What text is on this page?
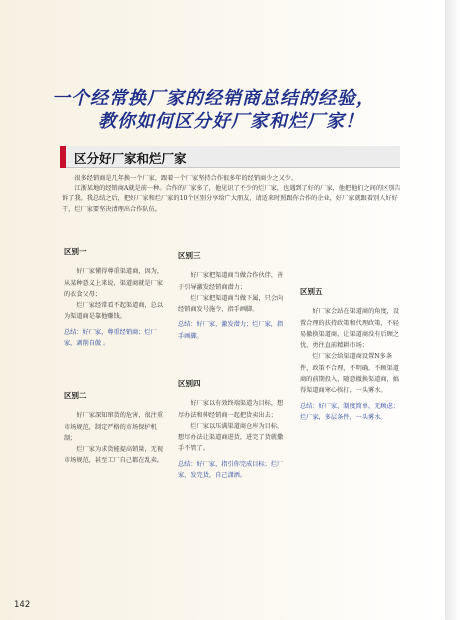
一个经常换厂家的经销商总结的经验，
教你如何区分好厂家和烂厂家！
区分好厂家和烂厂家

很多经销商是几年换一个厂家，跟着一个厂家坚持合作很多年的经销商少之又少。

江浙某地的经销商A就是前一种。合作的厂家多了，他见识了不少的烂厂家，也遇到了好的厂家，他把他们之间的区别告诉了我。我总结之后，把好厂家和烂厂家的10个区别分享给广大朋友，请适来时照跟你合作的企业，好厂家就跟着别人好好干，烂厂家要坚决清理出合作队伍。

区别一

好厂家懂得尊重渠道商，因为，从某种意义上来说，渠道商就是厂家的衣食父母；

烂厂家经常看不起渠道商，总以为渠道商是靠他赚钱。

总结：好厂家，尊重经销商；烂厂家，剥削自傲 。

区别二

好厂家深知窜货的危害，很注重市场规范，制定严格的市场保护机制；

烂厂家为求货能提高销量，无视市场规范，甚至工厂自己都在乱卖。

区别三

好厂家把渠道商当做合作伙伴，善于引导激发经销商潜力；

烂厂家把渠道商当做下属，只会向经销商发号施令，指手画脚。

总结：好厂家，激发潜力；烂厂家，指手画脚。

区别四

好厂家以有效终端渠道为目标，想尽办法和伸经销商一起把货卖出去；

烂厂家以压满渠道商仓库为目标，想尽办法让渠道商进货，进完了货就撒手不管了。

总结：好厂家，指引你完成目标；烂厂家，发完货，自己潇洒。

区别五

好厂家会站在渠道商的角度，设置合理的扶持政策和代理政策，不轻易撤换渠道商，让渠道商没有后顾之忧，勇往直前精耕市场；

烂厂家会给渠道商设置N多条件，政策不合理、不明确，不顾渠道商的前期投入，随意撤换渠道商，搞得渠道商寒心挨打，一头雾水。

总结：好厂家，制度简单，无顾虑；烂厂家，多层条件，一头雾水。

142
